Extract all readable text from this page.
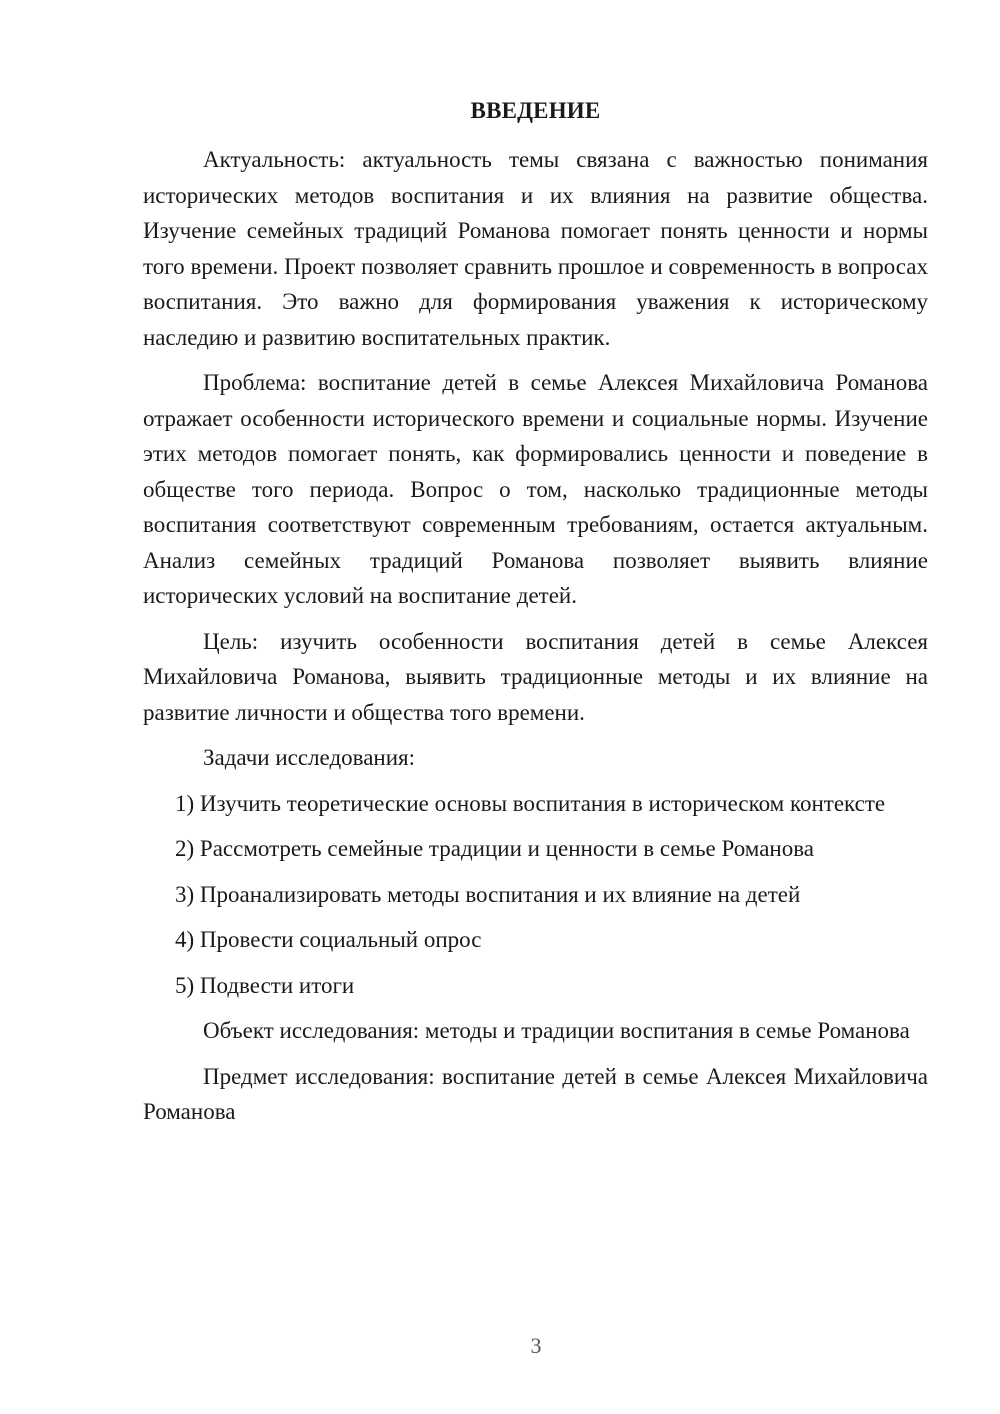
ВВЕДЕНИЕ

Актуальность: актуальность темы связана с важностью понимания исторических методов воспитания и их влияния на развитие общества. Изучение семейных традиций Романова помогает понять ценности и нормы того времени. Проект позволяет сравнить прошлое и современность в вопросах воспитания. Это важно для формирования уважения к историческому наследию и развитию воспитательных практик.

Проблема: воспитание детей в семье Алексея Михайловича Романова отражает особенности исторического времени и социальные нормы. Изучение этих методов помогает понять, как формировались ценности и поведение в обществе того периода. Вопрос о том, насколько традиционные методы воспитания соответствуют современным требованиям, остается актуальным. Анализ семейных традиций Романова позволяет выявить влияние исторических условий на воспитание детей.

Цель: изучить особенности воспитания детей в семье Алексея Михайловича Романова, выявить традиционные методы и их влияние на развитие личности и общества того времени.

Задачи исследования:

1) Изучить теоретические основы воспитания в историческом контексте

2) Рассмотреть семейные традиции и ценности в семье Романова

3) Проанализировать методы воспитания и их влияние на детей

4) Провести социальный опрос

5) Подвести итоги

Объект исследования: методы и традиции воспитания в семье Романова

Предмет исследования: воспитание детей в семье Алексея Михайловича Романова

3
